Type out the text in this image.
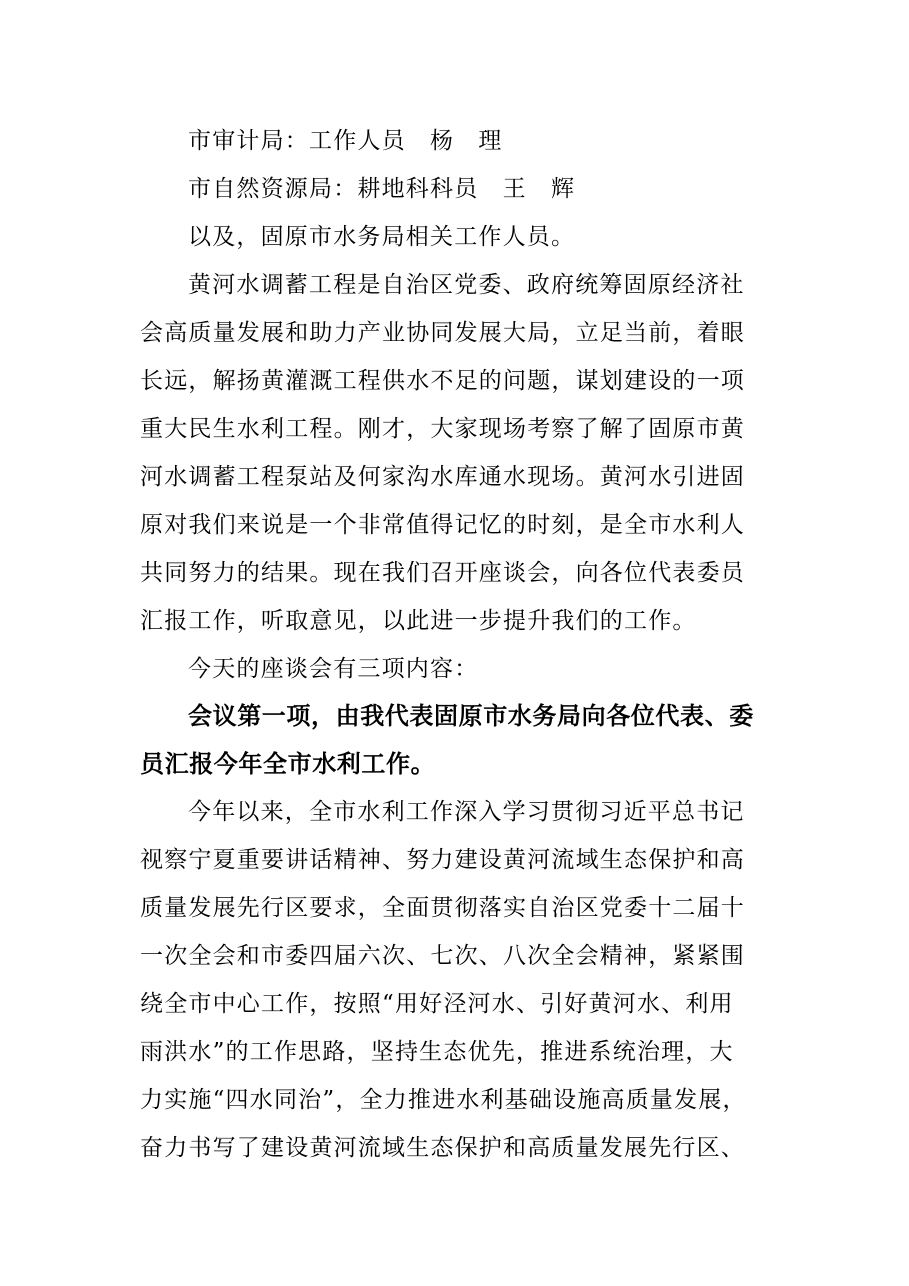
市审计局：工作人员　杨　理
市自然资源局：耕地科科员　王　辉
以及，固原市水务局相关工作人员。
黄河水调蓄工程是自治区党委、政府统筹固原经济社
会高质量发展和助力产业协同发展大局，立足当前，着眼
长远，解扬黄灌溉工程供水不足的问题，谋划建设的一项
重大民生水利工程。刚才，大家现场考察了解了固原市黄
河水调蓄工程泵站及何家沟水库通水现场。黄河水引进固
原对我们来说是一个非常值得记忆的时刻，是全市水利人
共同努力的结果。现在我们召开座谈会，向各位代表委员
汇报工作，听取意见，以此进一步提升我们的工作。
今天的座谈会有三项内容：
会议第一项，由我代表固原市水务局向各位代表、委
员汇报今年全市水利工作。
今年以来，全市水利工作深入学习贯彻习近平总书记
视察宁夏重要讲话精神、努力建设黄河流域生态保护和高
质量发展先行区要求，全面贯彻落实自治区党委十二届十
一次全会和市委四届六次、七次、八次全会精神，紧紧围
绕全市中心工作，按照“用好泾河水、引好黄河水、利用
雨洪水”的工作思路，坚持生态优先，推进系统治理，大
力实施“四水同治”，全力推进水利基础设施高质量发展，
奋力书写了建设黄河流域生态保护和高质量发展先行区、
